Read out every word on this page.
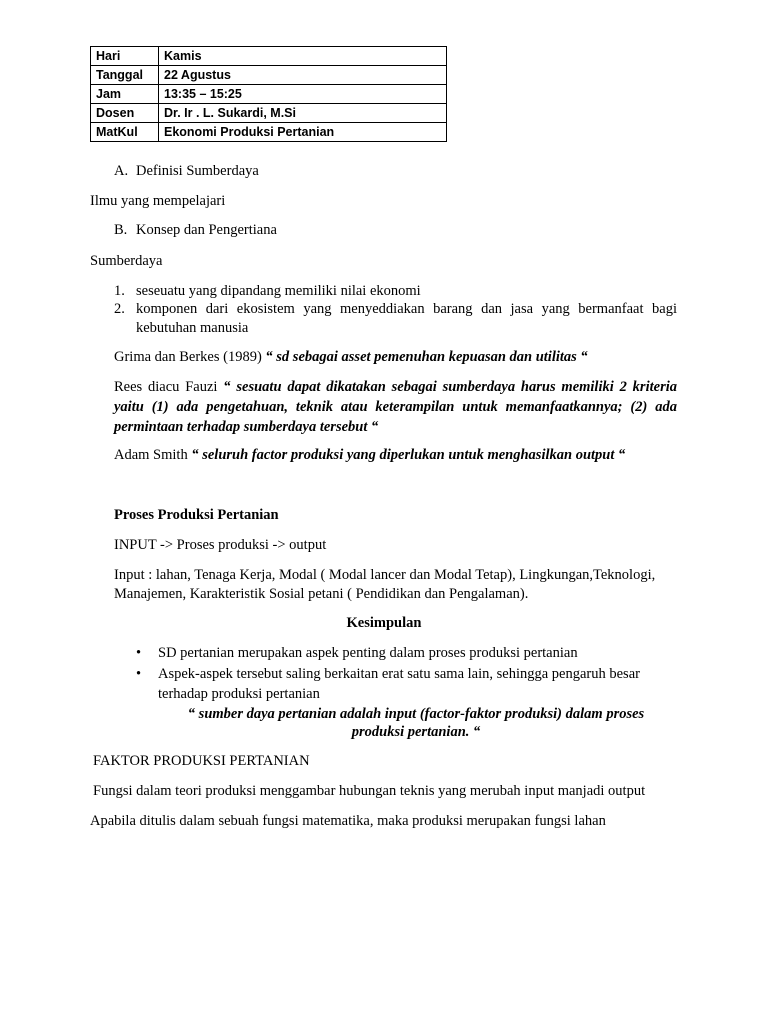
Hari	Kamis
Tanggal	22 Agustus
Jam	13:35 – 15:25
Dosen	Dr. Ir . L. Sukardi, M.Si
MatKul	Ekonomi Produksi Pertanian
A. Definisi Sumberdaya
Ilmu yang mempelajari
B. Konsep dan Pengertiana
Sumberdaya
1. seseuatu yang dipandang memiliki nilai ekonomi
2. komponen dari ekosistem yang menyeddiakan barang dan jasa yang bermanfaat bagi
kebutuhan manusia
Grima dan Berkes (1989) “ sd sebagai asset pemenuhan kepuasan dan utilitas “
Rees diacu Fauzi “ sesuatu dapat dikatakan sebagai sumberdaya harus memiliki 2 kriteria
yaitu (1) ada pengetahuan, teknik atau keterampilan untuk memanfaatkannya; (2) ada
permintaan terhadap sumberdaya tersebut “
Adam Smith “ seluruh factor produksi yang diperlukan untuk menghasilkan output “
Proses Produksi Pertanian
INPUT -> Proses produksi -> output
Input : lahan, Tenaga Kerja, Modal ( Modal lancer dan Modal Tetap), Lingkungan,Teknologi,
Manajemen, Karakteristik Sosial petani ( Pendidikan dan Pengalaman).
Kesimpulan
• SD pertanian merupakan aspek penting dalam proses produksi pertanian
• Aspek-aspek tersebut saling berkaitan erat satu sama lain, sehingga pengaruh besar
terhadap produksi pertanian
“ sumber daya pertanian adalah input (factor-faktor produksi) dalam proses
produksi pertanian. “
FAKTOR PRODUKSI PERTANIAN
Fungsi dalam teori produksi menggambar hubungan teknis yang merubah input manjadi output
Apabila ditulis dalam sebuah fungsi matematika, maka produksi merupakan fungsi lahan
